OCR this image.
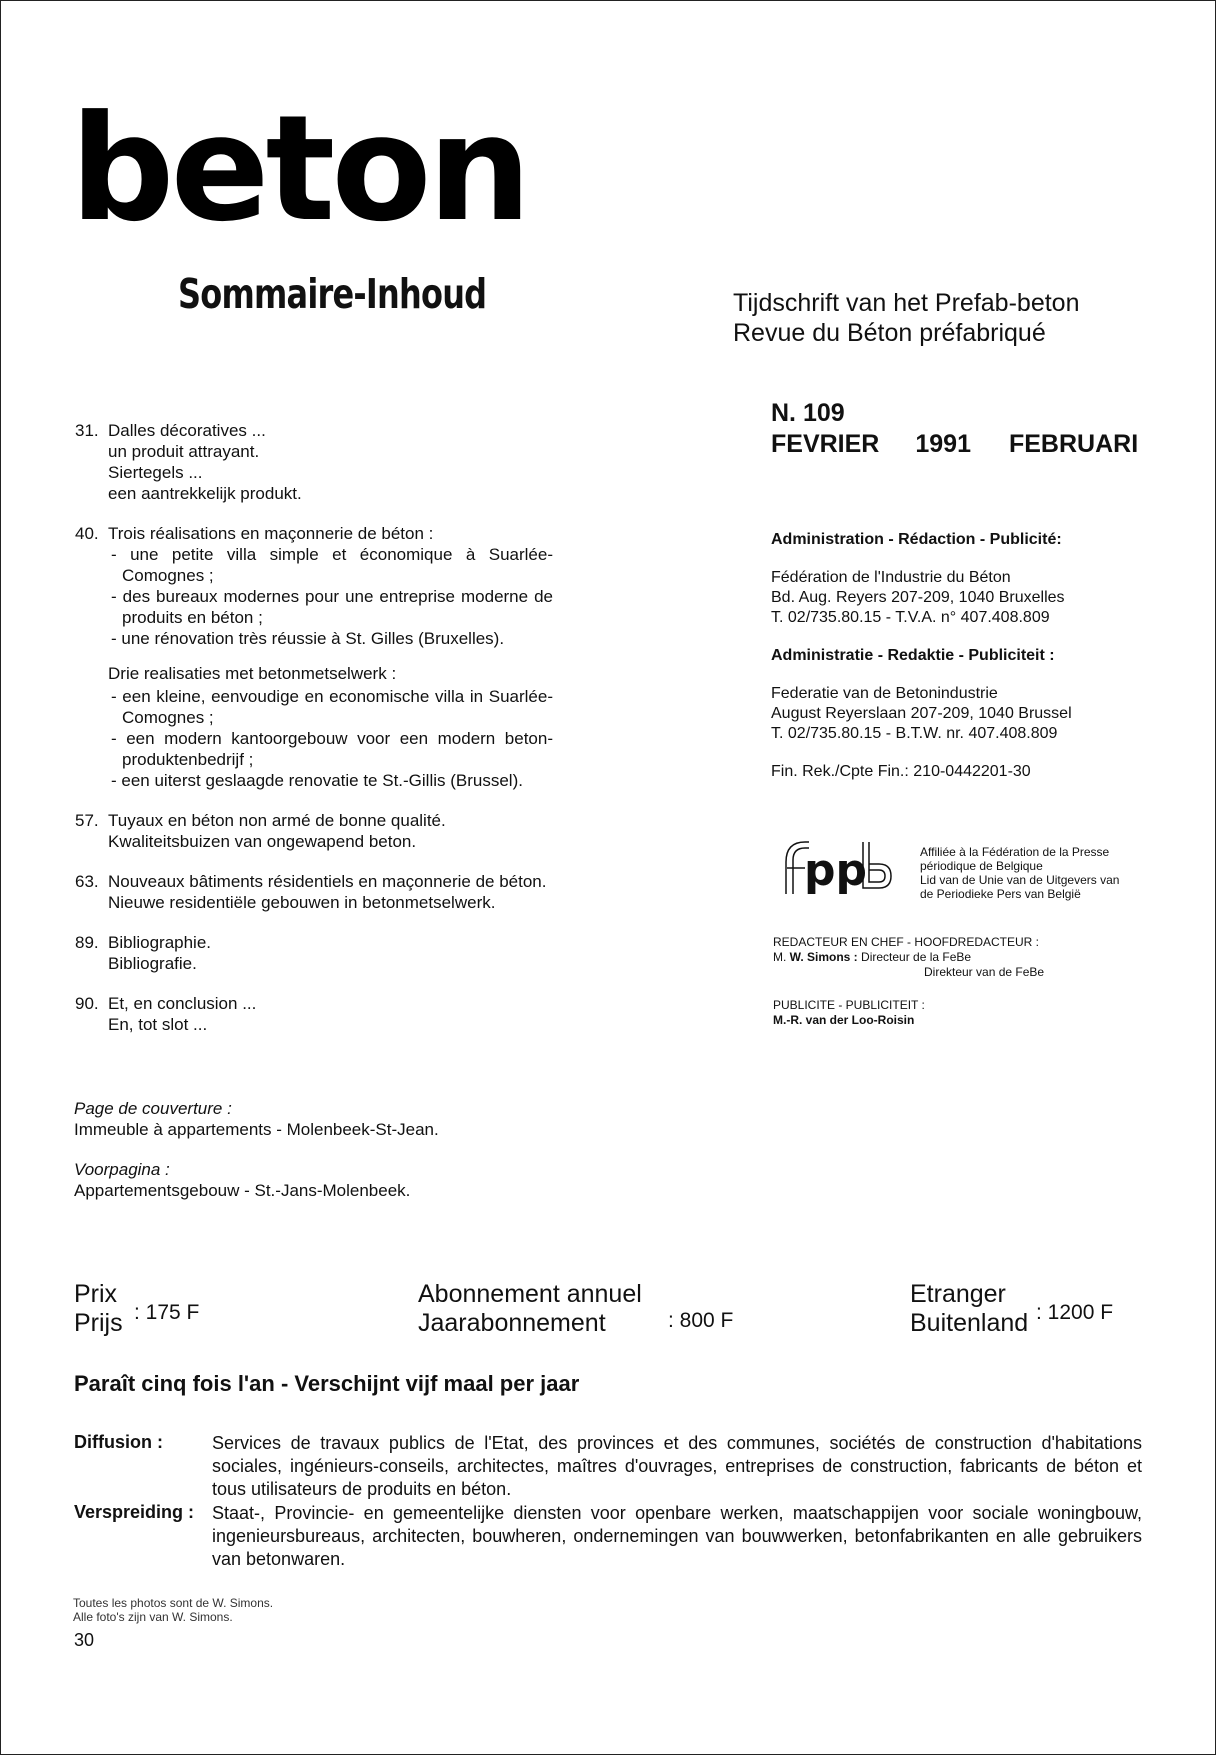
beton
Sommaire-Inhoud	Tijdschrift van het Prefab-beton
Revue du Béton préfabriqué
N. 109
FEVRIER 1991 FEBRUARI
31. Dalles décoratives ...

un produit attrayant.

Siertegels ...

een aantrekkelijk produkt.

40. Trois réalisations en maçonnerie de béton :

- une petite villa simple et économique à Suarlée-Comognes ;
- des bureaux modernes pour une entreprise moderne de produits en béton ;
- une rénovation très réussie à St. Gilles (Bruxelles).

Drie realisaties met betonmetselwerk :

- een kleine, eenvoudige en economische villa in Suarlée-Comognes ;
- een modern kantoorgebouw voor een modern beton-produktenbedrijf ;
- een uiterst geslaagde renovatie te St.-Gillis (Brussel).
57. Tuyaux en béton non armé de bonne qualité.

Kwaliteitsbuizen van ongewapend beton.

63. Nouveaux bâtiments résidentiels en maçonnerie de béton.

Nieuwe residentiële gebouwen in betonmetselwerk.

89. Bibliographie.

Bibliografie.

90. Et, en conclusion ...

En, tot slot ...

Administration - Rédaction - Publicité:

Fédération de l'Industrie du Béton

Bd. Aug. Reyers 207-209, 1040 Bruxelles

T. 02/735.80.15 - T.V.A. n° 407.408.809

Administratie - Redaktie - Publiciteit :

Federatie van de Betonindustrie

August Reyerslaan 207-209, 1040 Brussel

T. 02/735.80.15 - B.T.W. nr. 407.408.809

Fin. Rek./Cpte Fin.: 210-0442201-30

pp	Affiliée à la Fédération de la Presse
périodique de Belgique
Lid van de Unie van de Uitgevers van
de Periodieke Pers van België

REDACTEUR EN CHEF - HOOFDREDACTEUR :

M. W. Simons : Directeur de la FeBe

Direkteur van de FeBe

PUBLICITE - PUBLICITEIT :

M.-R. van der Loo-Roisin

Page de couverture :

Immeuble à appartements - Molenbeek-St-Jean.

Voorpagina :

Appartementsgebouw - St.-Jans-Molenbeek.

Prix
Prijs : 175 F
Abonnement annuel
Jaarabonnement	: 800 F
Etranger
Buitenland : 1200 F
Paraît cinq fois l'an - Verschijnt vijf maal per jaar
Diffusion :	Services de travaux publics de l'Etat, des provinces et des communes, sociétés de construction d'habitations sociales, ingénieurs-conseils, architectes, maîtres d'ouvrages, entreprises de construction, fabricants de béton et tous utilisateurs de produits en béton.
Verspreiding : Staat-, Provincie- en gemeentelijke diensten voor openbare werken, maatschappijen voor sociale woningbouw, ingenieursbureaus, architecten, bouwheren, ondernemingen van bouwwerken, betonfabrikanten en alle gebruikers van betonwaren.

Toutes les photos sont de W. Simons.

Alle foto's zijn van W. Simons.

30
